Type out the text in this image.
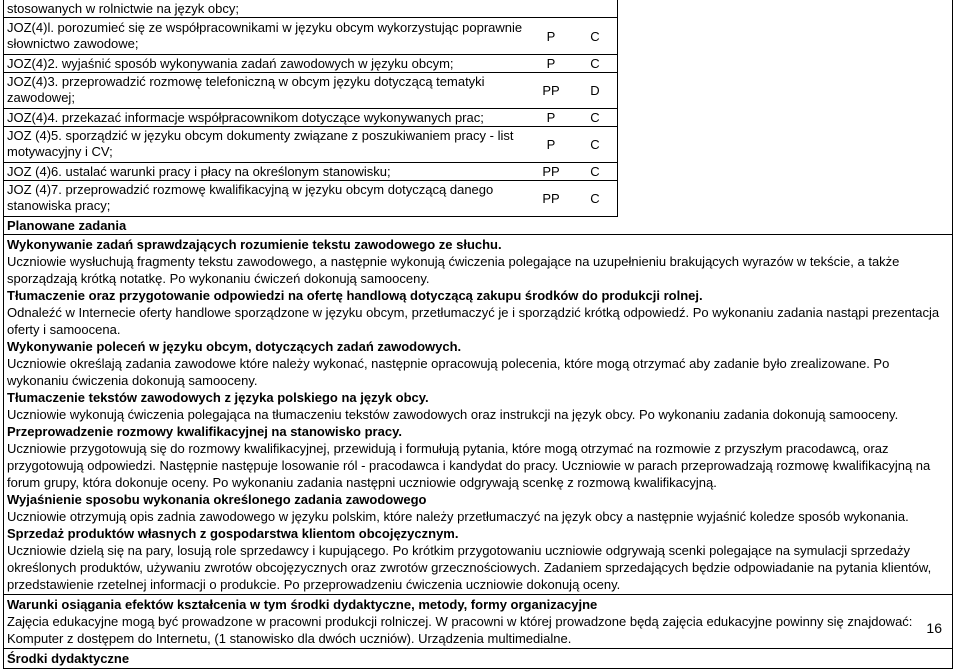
stosowanych w rolnictwie na język obcy;
JOZ(4)l. porozumieć się ze współpracownikami w języku obcym wykorzystując poprawnie słownictwo zawodowe;	P	C
JOZ(4)2. wyjaśnić sposób wykonywania zadań zawodowych w języku obcym;	P	C
JOZ(4)3. przeprowadzić rozmowę telefoniczną w obcym języku dotyczącą tematyki zawodowej;	PP	D
JOZ(4)4. przekazać informacje współpracownikom dotyczące wykonywanych prac;	P	C
JOZ (4)5. sporządzić w języku obcym dokumenty związane z poszukiwaniem pracy - list motywacyjny i CV;	P	C
JOZ (4)6. ustalać warunki pracy i płacy na określonym stanowisku;	PP	C
JOZ (4)7. przeprowadzić rozmowę kwalifikacyjną w języku obcym dotyczącą danego stanowiska pracy;	PP	C
Planowane zadania
Wykonywanie zadań sprawdzających rozumienie tekstu zawodowego ze słuchu.
Uczniowie wysłuchują fragmenty tekstu zawodowego, a następnie wykonują ćwiczenia polegające na uzupełnieniu brakujących wyrazów w tekście, a także sporządzają krótką notatkę. Po wykonaniu ćwiczeń dokonują samooceny.
Tłumaczenie oraz przygotowanie odpowiedzi na ofertę handlową dotyczącą zakupu środków do produkcji rolnej.
Odnaleźć w Internecie oferty handlowe sporządzone w języku obcym, przetłumaczyć je i sporządzić krótką odpowiedź. Po wykonaniu zadania nastąpi prezentacja oferty i samoocena.
Wykonywanie poleceń w języku obcym, dotyczących zadań zawodowych.
Uczniowie określają zadania zawodowe które należy wykonać, następnie opracowują polecenia, które mogą otrzymać aby zadanie było zrealizowane. Po wykonaniu ćwiczenia dokonują samooceny.
Tłumaczenie tekstów zawodowych z języka polskiego na język obcy.
Uczniowie wykonują ćwiczenia polegająca na tłumaczeniu tekstów zawodowych oraz instrukcji na język obcy. Po wykonaniu zadania dokonują samooceny.
Przeprowadzenie rozmowy kwalifikacyjnej na stanowisko pracy.
Uczniowie przygotowują się do rozmowy kwalifikacyjnej, przewidują i formułują pytania, które mogą otrzymać na rozmowie z przyszłym pracodawcą, oraz przygotowują odpowiedzi. Następnie następuje losowanie ról - pracodawca i kandydat do pracy. Uczniowie w parach przeprowadzają rozmowę kwalifikacyjną na forum grupy, która dokonuje oceny. Po wykonaniu zadania następni uczniowie odgrywają scenkę z rozmową kwalifikacyjną.
Wyjaśnienie sposobu wykonania określonego zadania zawodowego
Uczniowie otrzymują opis zadnia zawodowego w języku polskim, które należy przetłumaczyć na język obcy a następnie wyjaśnić koledze sposób wykonania.
Sprzedaż produktów własnych z gospodarstwa klientom obcojęzycznym.
Uczniowie dzielą się na pary, losują role sprzedawcy i kupującego. Po krótkim przygotowaniu uczniowie odgrywają scenki polegające na symulacji sprzedaży określonych produktów, używaniu zwrotów obcojęzycznych oraz zwrotów grzecznościowych. Zadaniem sprzedających będzie odpowiadanie na pytania klientów, przedstawienie rzetelnej informacji o produkcie. Po przeprowadzeniu ćwiczenia uczniowie dokonują oceny.
Warunki osiągania efektów kształcenia w tym środki dydaktyczne, metody, formy organizacyjne
Zajęcia edukacyjne mogą być prowadzone w pracowni produkcji rolniczej. W pracowni w której prowadzone będą zajęcia edukacyjne powinny się znajdować: Komputer z dostępem do Internetu, (1 stanowisko dla dwóch uczniów). Urządzenia multimedialne.
Środki dydaktyczne
16
